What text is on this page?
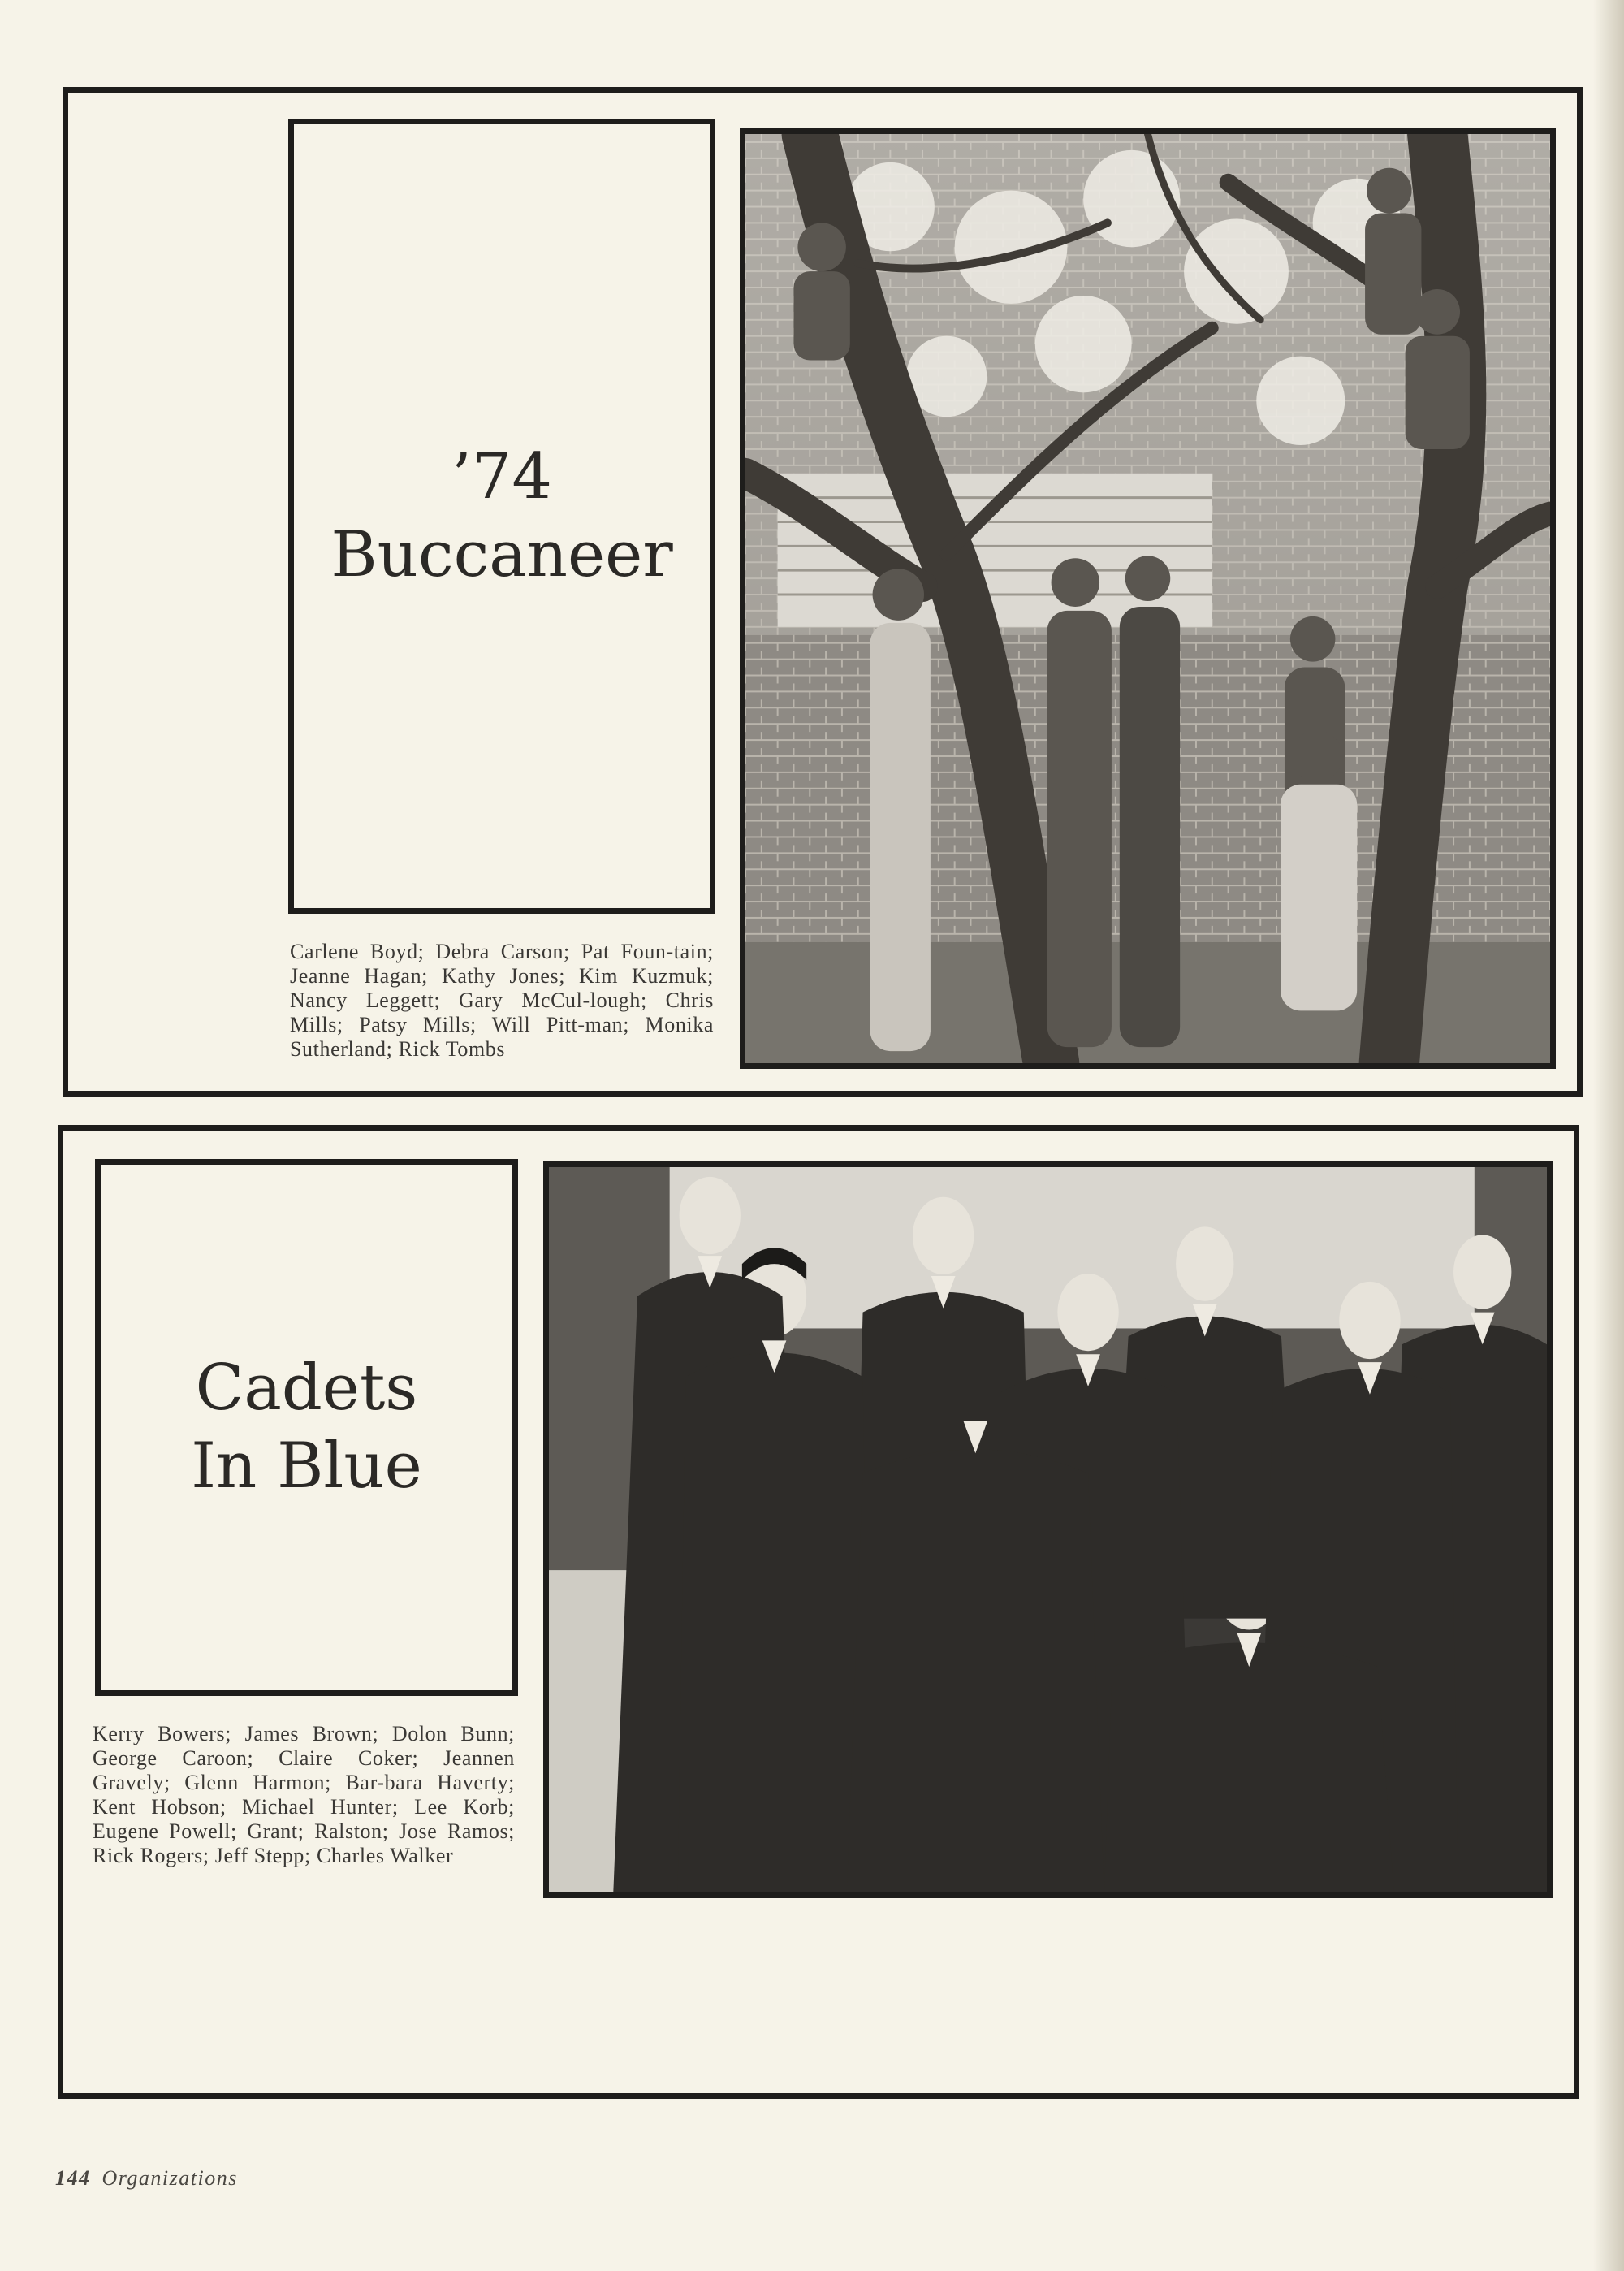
’74
Buccaneer
Carlene Boyd; Debra Carson; Pat Foun-tain; Jeanne Hagan; Kathy Jones; Kim Kuzmuk; Nancy Leggett; Gary McCul-lough; Chris Mills; Patsy Mills; Will Pitt-man; Monika Sutherland; Rick Tombs
Cadets
In Blue
Kerry Bowers; James Brown; Dolon Bunn; George Caroon; Claire Coker; Jeannen Gravely; Glenn Harmon; Bar-bara Haverty; Kent Hobson; Michael Hunter; Lee Korb; Eugene Powell; Grant; Ralston; Jose Ramos; Rick Rogers; Jeff Stepp; Charles Walker
144 Organizations
